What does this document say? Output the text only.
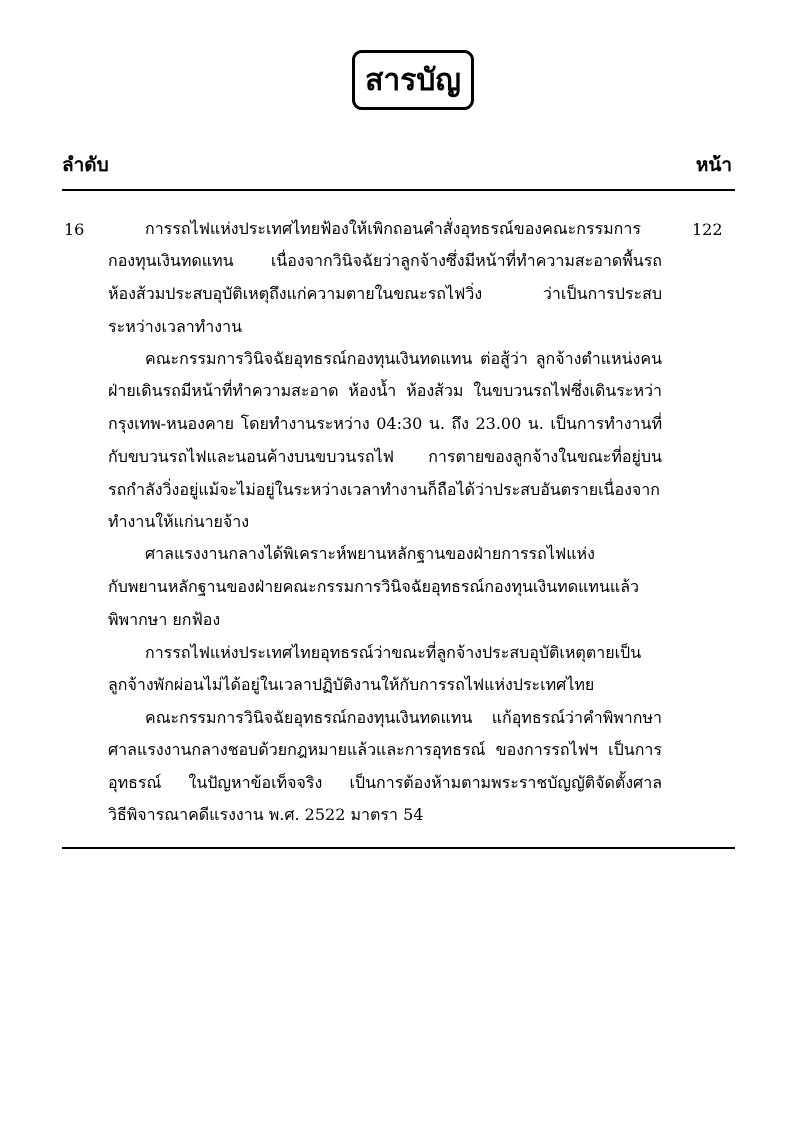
สารบัญ
ลำดับ	หน้า
16	122
การรถไฟแห่งประเทศไทยฟ้องให้เพิกถอนคำสั่งอุทธรณ์ของคณะกรรมการ
กองทุนเงินทดแทน เนื่องจากวินิจฉัยว่าลูกจ้างซึ่งมีหน้าที่ทำความสะอาดพื้นรถ
ห้องส้วมประสบอุบัติเหตุถึงแก่ความตายในขณะรถไฟวิ่ง ว่าเป็นการประสบ
ระหว่างเวลาทำงาน
คณะกรรมการวินิจฉัยอุทธรณ์กองทุนเงินทดแทน ต่อสู้ว่า ลูกจ้างตำแหน่งคน
ฝ่ายเดินรถมีหน้าที่ทำความสะอาด ห้องน้ำ ห้องส้วม ในขบวนรถไฟซึ่งเดินระหว่า
กรุงเทพ-หนองคาย โดยทำงานระหว่าง 04:30 น. ถึง 23.00 น. เป็นการทำงานที่
กับขบวนรถไฟและนอนค้างบนขบวนรถไฟ การตายของลูกจ้างในขณะที่อยู่บน
รถกำลังวิ่งอยู่แม้จะไม่อยู่ในระหว่างเวลาทำงานก็ถือได้ว่าประสบอันตรายเนื่องจาก
ทำงานให้แก่นายจ้าง
ศาลแรงงานกลางได้พิเคราะห์พยานหลักฐานของฝ่ายการรถไฟแห่ง
กับพยานหลักฐานของฝ่ายคณะกรรมการวินิจฉัยอุทธรณ์กองทุนเงินทดแทนแล้ว
พิพากษา ยกฟ้อง
การรถไฟแห่งประเทศไทยอุทธรณ์ว่าขณะที่ลูกจ้างประสบอุบัติเหตุตายเป็น
ลูกจ้างพักผ่อนไม่ได้อยู่ในเวลาปฏิบัติงานให้กับการรถไฟแห่งประเทศไทย
คณะกรรมการวินิจฉัยอุทธรณ์กองทุนเงินทดแทน แก้อุทธรณ์ว่าคำพิพากษา
ศาลแรงงานกลางชอบด้วยกฎหมายแล้วและการอุทธรณ์ ของการรถไฟฯ เป็นการ
อุทธรณ์ ในปัญหาข้อเท็จจริง เป็นการต้องห้ามตามพระราชบัญญัติจัดตั้งศาล
วิธีพิจารณาคดีแรงงาน พ.ศ. 2522 มาตรา 54
